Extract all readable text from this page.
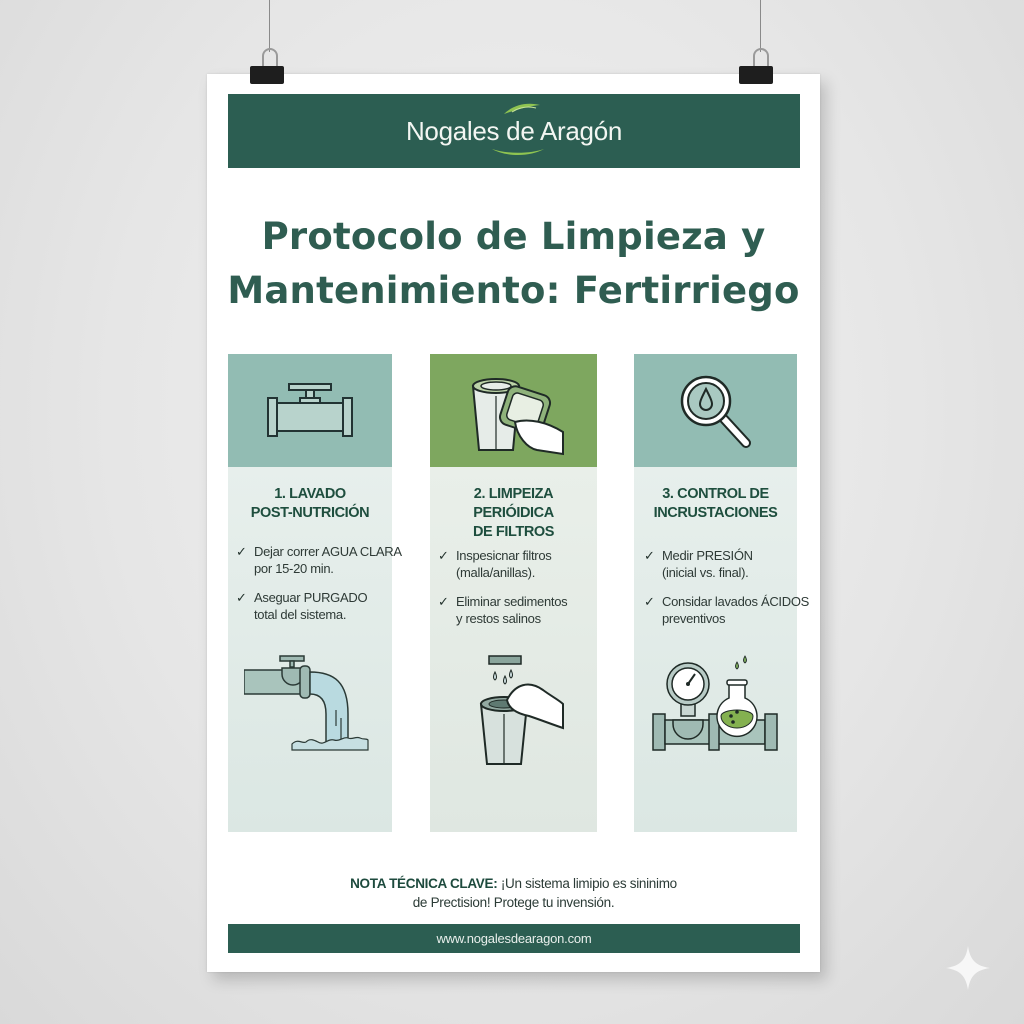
Nogales de Aragón
Protocolo de Limpieza y
Mantenimiento: Fertirriego
1. LAVADO
POST-NUTRICIÓN
✓ Dejar correr AGUA CLARA
por 15-20 min.
✓ Aseguar PURGADO
total del sistema.
2. LIMPEIZA
PERIÓIDICA
DE FILTROS
✓ Inspesicnar filtros
(malla/anillas).
✓ Eliminar sedimentos
y restos salinos
3. CONTROL DE
INCRUSTACIONES
✓ Medir PRESIÓN
(inicial vs. final).
✓ Considar lavados ÁCIDOS
preventivos
NOTA TÉCNICA CLAVE: ¡Un sistema limipio es sininimo
de Prectision! Protege tu invensión.
www.nogalesdearagon.com
